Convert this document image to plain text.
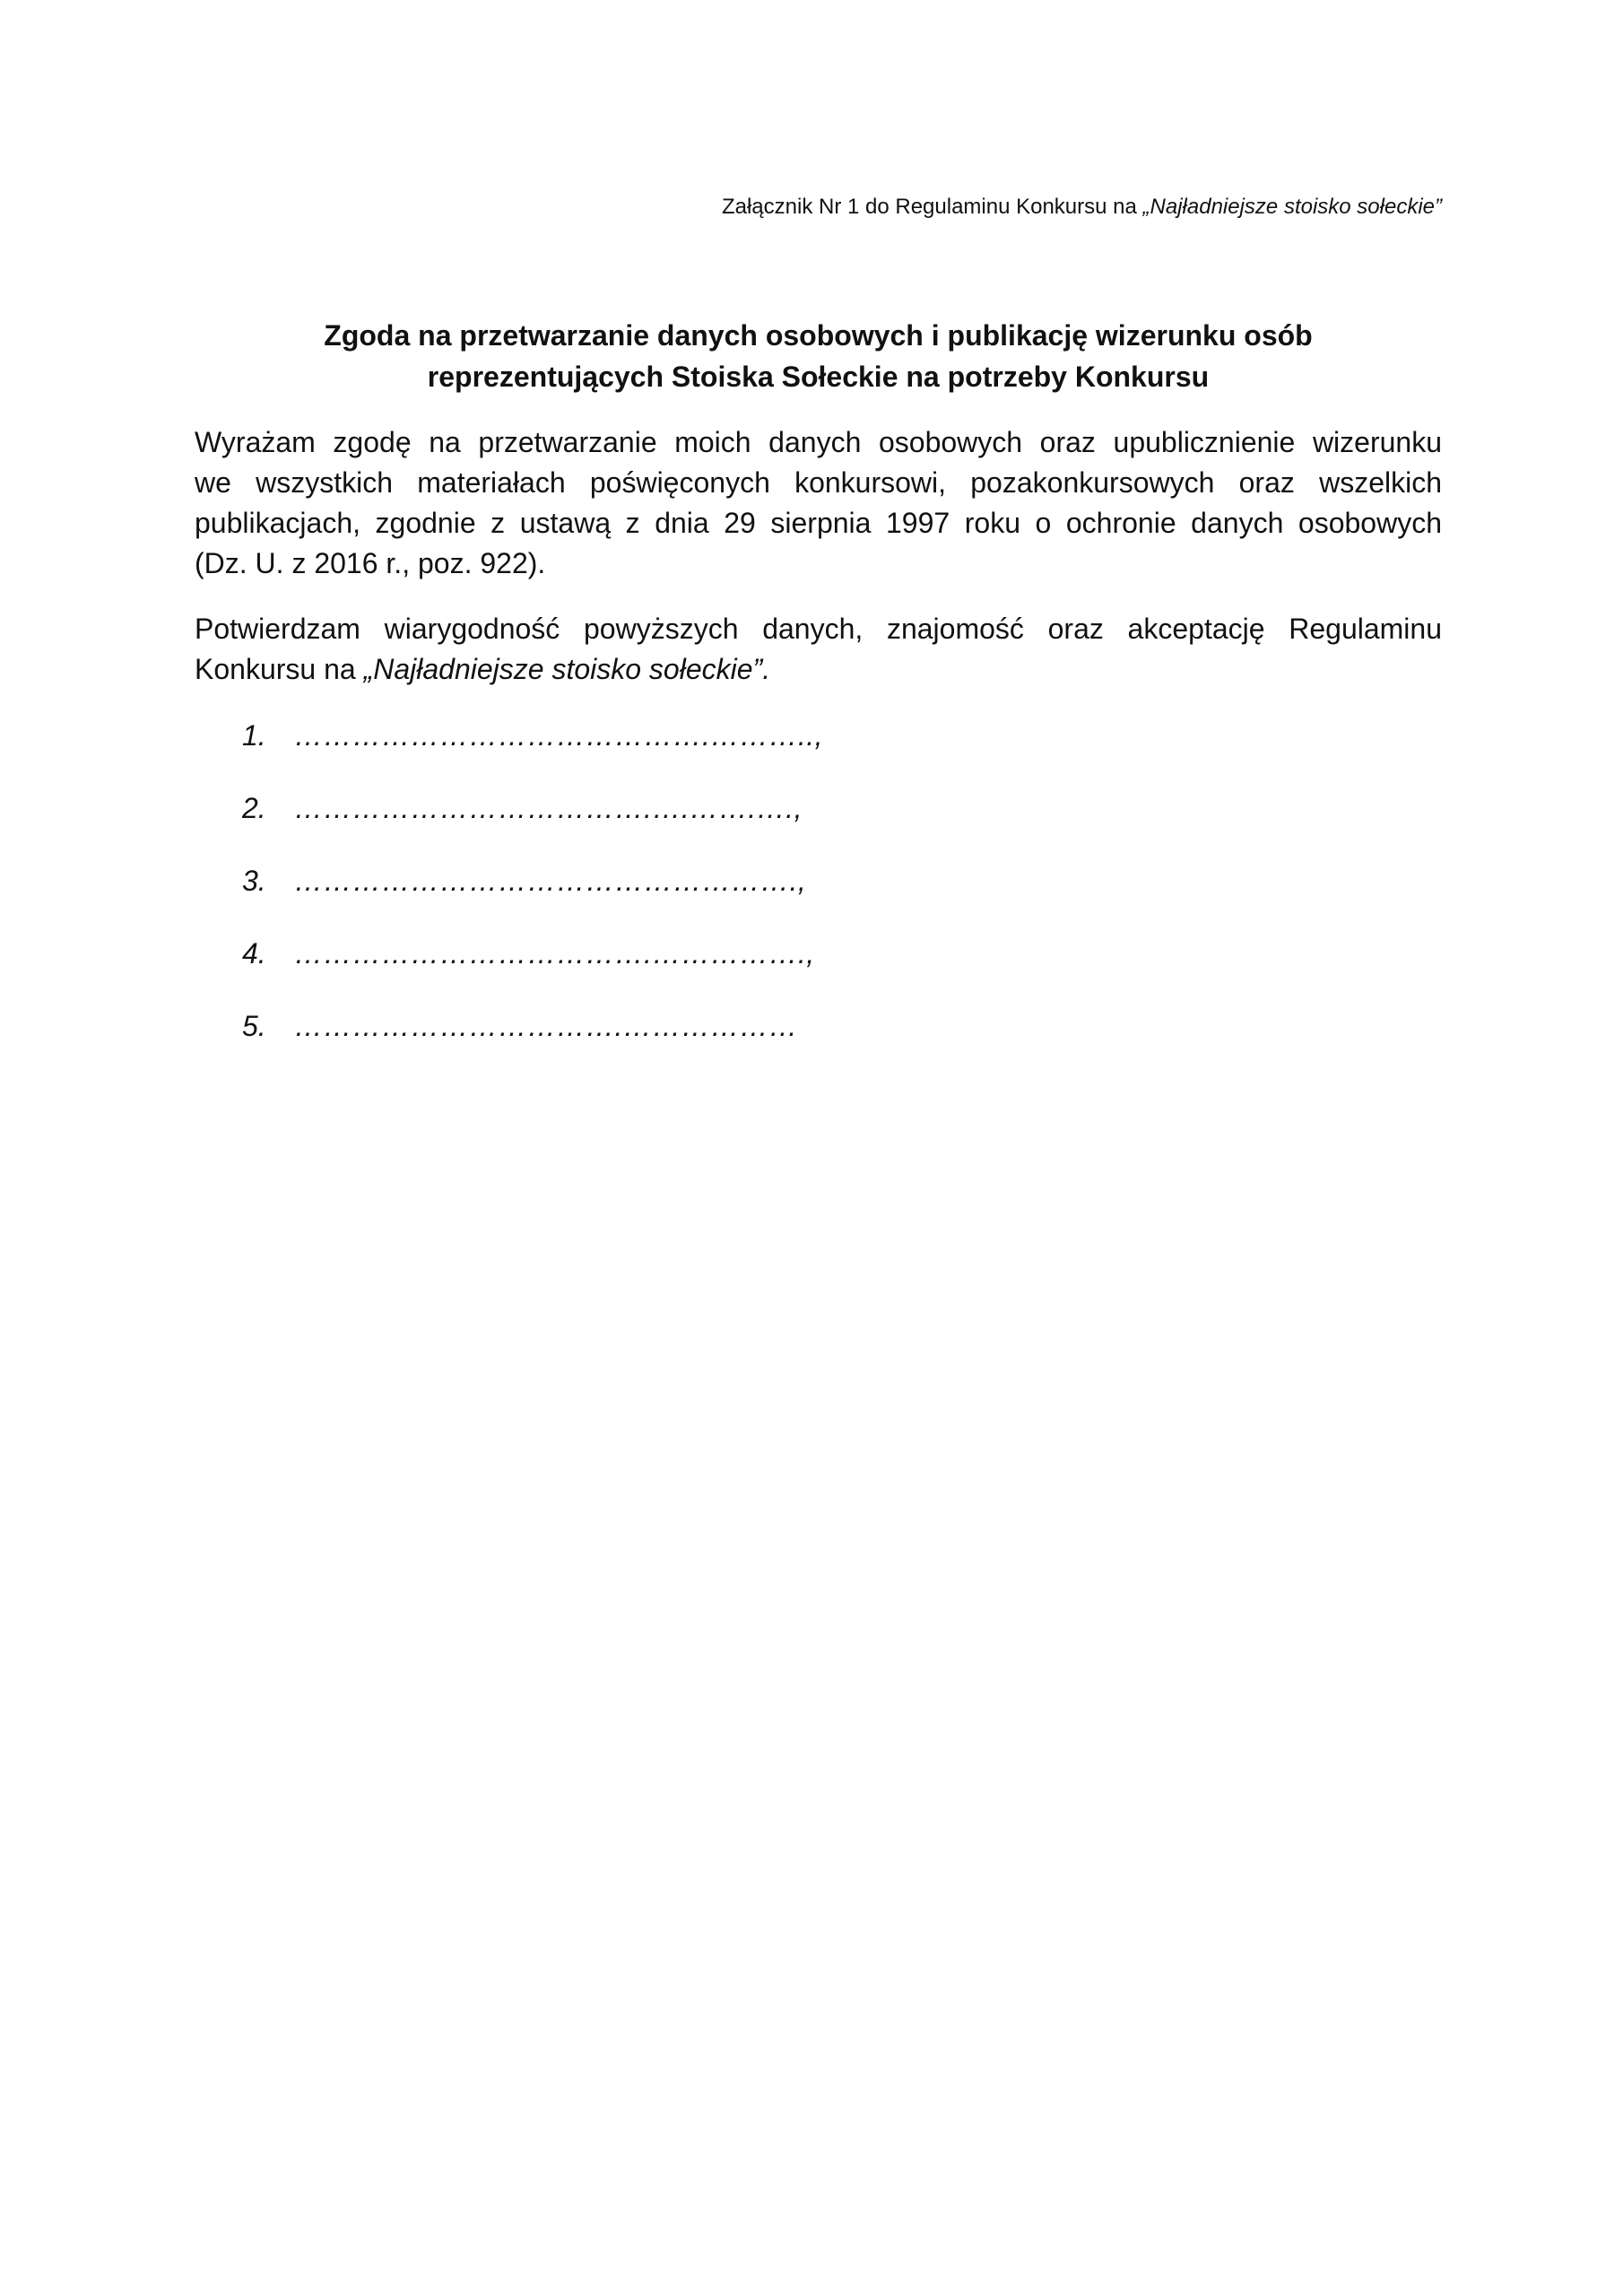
Załącznik Nr 1 do Regulaminu Konkursu na „Najładniejsze stoisko sołeckie”
Zgoda na przetwarzanie danych osobowych i publikację wizerunku osób
reprezentujących Stoiska Sołeckie na potrzeby Konkursu
Wyrażam zgodę na przetwarzanie moich danych osobowych oraz upublicznienie wizerunku
we wszystkich materiałach poświęconych konkursowi, pozakonkursowych oraz wszelkich
publikacjach, zgodnie z ustawą z dnia 29 sierpnia 1997 roku o ochronie danych osobowych
(Dz. U. z 2016 r., poz. 922).
Potwierdzam wiarygodność powyższych danych, znajomość oraz akceptację Regulaminu
Konkursu na „Najładniejsze stoisko sołeckie”.
1. …………………………………….………..,
2. ……………………………….….…….….,
3. …………………………………………….,
4. ……………………………….…………….,
5. …………………………….………………
